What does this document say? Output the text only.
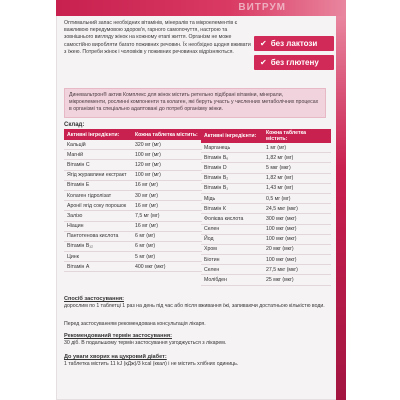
ВИТРУМ
Оптимальний запас необхідних вітамінів, мінералів та мікроелементів є важливою передумовою здоров'я, гарного самопочуття, настрою та зовнішнього вигляду жінок на кожному етапі життя. Організм не може самостійно виробляти багато поживних речовин. Їх необхідно щодня вживати з їжею. Потреби жінок і чоловіків у поживних речовинах відрізняються.
✔ без лактози
✔ без глютену
Диневальтрон® актив Комплекс для жінок містить ретельно підібрані вітаміни, мінерали, мікроелементи, рослинні компоненти та колаген, які беруть участь у численних метаболічних процесах в організмі та спеціально адаптовані до потреб організму жінки.
Склад:
Активні інгредієнти:	Кожна таблетка містить:
Кальцій	320 мг (мг)
Магній	100 мг (мг)
Вітамін С	120 мг (мг)
Ягід журавлини екстракт	100 мг (мг)
Вітамін Е	16 мг (мг)
Колаген гідролізат	30 мг (мг)
Аронії ягід соку порошок	16 мг (мг)
Залізо	7,5 мг (мг)
Ніацин	16 мг (мг)
Пантотенова кислота	6 мг (мг)
Вітамін B₁₂	6 мг (мг)
Цинк	5 мг (мг)
Вітамін А	400 мкг (мкг)
Активні інгредієнти:	Кожна таблетка містить:
Марганець	1 мг (мг)
Вітамін B₆	1,82 мг (мг)
Вітамін D	5 мкг (мкг)
Вітамін B₂	1,82 мг (мг)
Вітамін B₁	1,43 мг (мг)
Мідь	0,5 мг (мг)
Вітамін К	24,5 мкг (мкг)
Фолієва кислота	300 мкг (мкг)
Селен	100 мкг (мкг)
Йод	100 мкг (мкг)
Хром	20 мкг (мкг)
Біотин	100 мкг (мкг)
Селен	27,5 мкг (мкг)
Молібден	25 мкг (мкг)
Спосіб застосування:
дорослим по 1 таблетці 1 раз на день під час або після вживання їжі, запиваючи достатньою кількістю води.
Перед застосуванням рекомендована консультація лікаря.
Рекомендований термін застосування:
30 діб. В подальшому термін застосування узгоджується з лікарем.
До уваги хворих на цукровий діабет:
1 таблетка містить 11 kJ (кДж)/3 kcal (ккал) і не містить хлібних одиниць.
